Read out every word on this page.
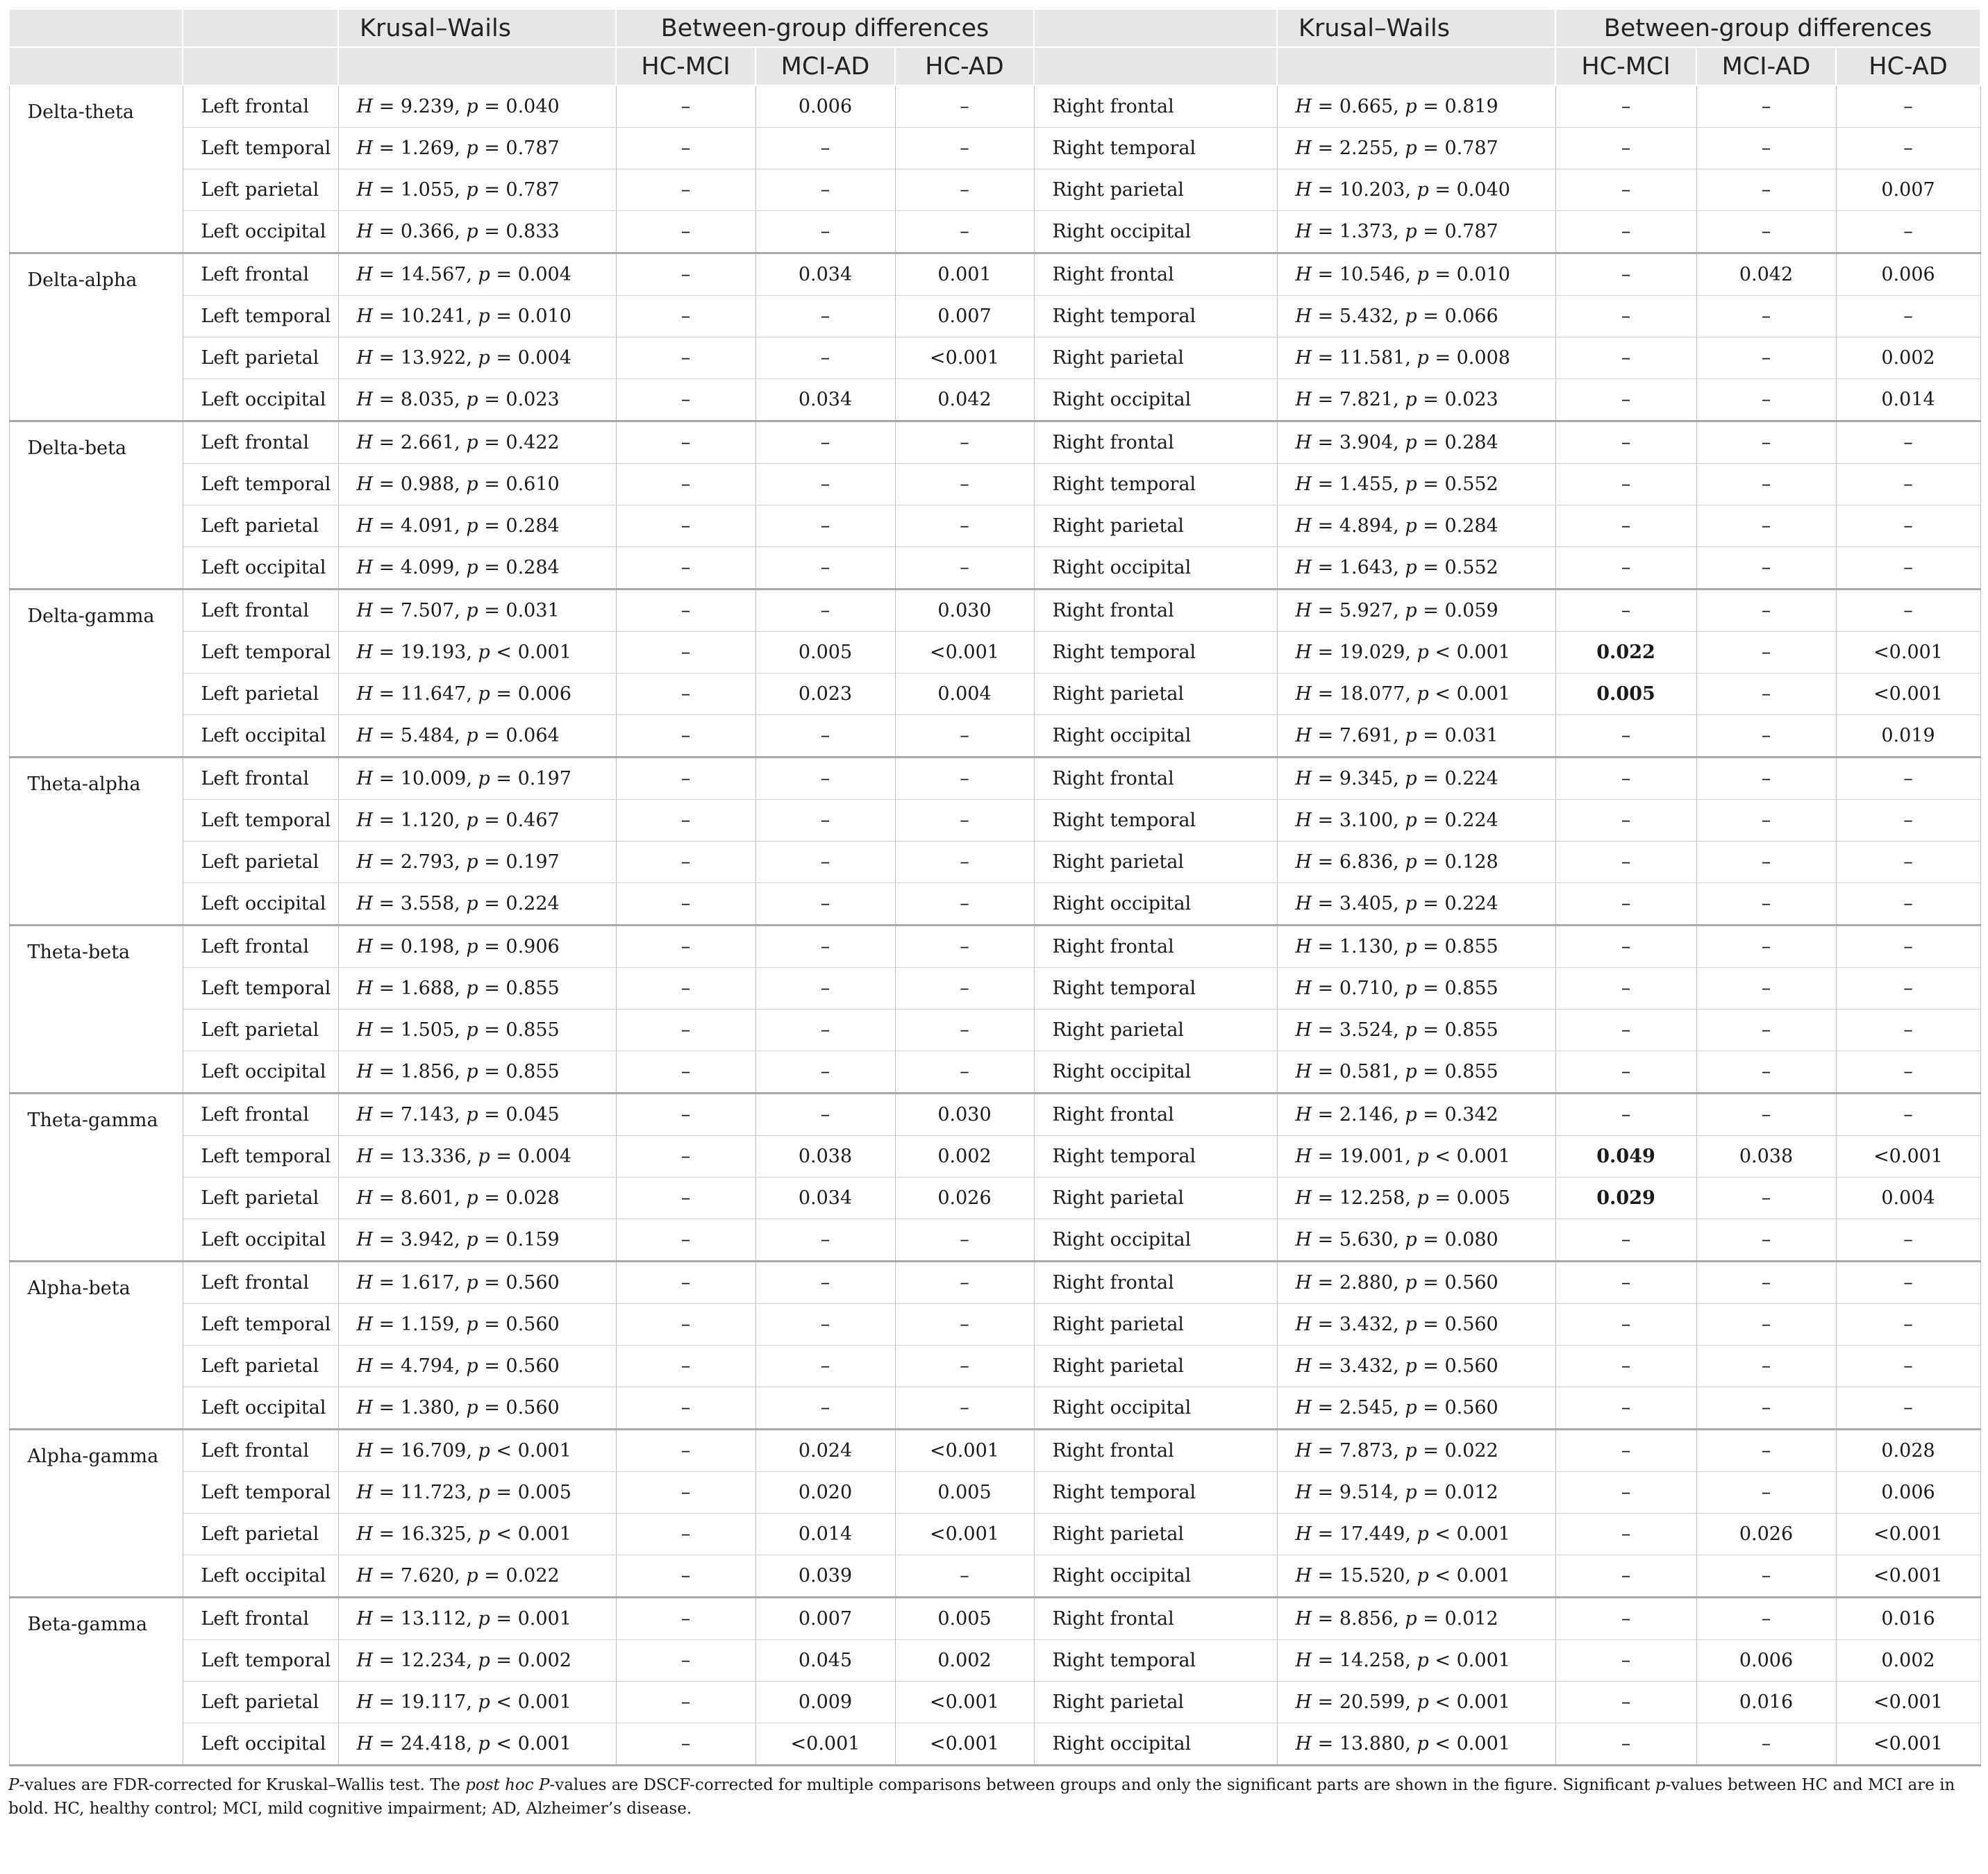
		Krusal–Wails	Between-group differences				Krusal–Wails	Between-group differences		
			HC-MCI	MCI-AD	HC-AD			HC-MCI	MCI-AD	HC-AD
Delta-theta	Left frontal	H = 9.239, p = 0.040	–	0.006	–	Right frontal	H = 0.665, p = 0.819	–	–	–
	Left temporal	H = 1.269, p = 0.787	–	–	–	Right temporal	H = 2.255, p = 0.787	–	–	–
	Left parietal	H = 1.055, p = 0.787	–	–	–	Right parietal	H = 10.203, p = 0.040	–	–	0.007
	Left occipital	H = 0.366, p = 0.833	–	–	–	Right occipital	H = 1.373, p = 0.787	–	–	–
Delta-alpha	Left frontal	H = 14.567, p = 0.004	–	0.034	0.001	Right frontal	H = 10.546, p = 0.010	–	0.042	0.006
	Left temporal	H = 10.241, p = 0.010	–	–	0.007	Right temporal	H = 5.432, p = 0.066	–	–	–
	Left parietal	H = 13.922, p = 0.004	–	–	<0.001	Right parietal	H = 11.581, p = 0.008	–	–	0.002
	Left occipital	H = 8.035, p = 0.023	–	0.034	0.042	Right occipital	H = 7.821, p = 0.023	–	–	0.014
Delta-beta	Left frontal	H = 2.661, p = 0.422	–	–	–	Right frontal	H = 3.904, p = 0.284	–	–	–
	Left temporal	H = 0.988, p = 0.610	–	–	–	Right temporal	H = 1.455, p = 0.552	–	–	–
	Left parietal	H = 4.091, p = 0.284	–	–	–	Right parietal	H = 4.894, p = 0.284	–	–	–
	Left occipital	H = 4.099, p = 0.284	–	–	–	Right occipital	H = 1.643, p = 0.552	–	–	–
Delta-gamma	Left frontal	H = 7.507, p = 0.031	–	–	0.030	Right frontal	H = 5.927, p = 0.059	–	–	–
	Left temporal	H = 19.193, p < 0.001	–	0.005	<0.001	Right temporal	H = 19.029, p < 0.001	0.022	–	<0.001
	Left parietal	H = 11.647, p = 0.006	–	0.023	0.004	Right parietal	H = 18.077, p < 0.001	0.005	–	<0.001
	Left occipital	H = 5.484, p = 0.064	–	–	–	Right occipital	H = 7.691, p = 0.031	–	–	0.019
Theta-alpha	Left frontal	H = 10.009, p = 0.197	–	–	–	Right frontal	H = 9.345, p = 0.224	–	–	–
	Left temporal	H = 1.120, p = 0.467	–	–	–	Right temporal	H = 3.100, p = 0.224	–	–	–
	Left parietal	H = 2.793, p = 0.197	–	–	–	Right parietal	H = 6.836, p = 0.128	–	–	–
	Left occipital	H = 3.558, p = 0.224	–	–	–	Right occipital	H = 3.405, p = 0.224	–	–	–
Theta-beta	Left frontal	H = 0.198, p = 0.906	–	–	–	Right frontal	H = 1.130, p = 0.855	–	–	–
	Left temporal	H = 1.688, p = 0.855	–	–	–	Right temporal	H = 0.710, p = 0.855	–	–	–
	Left parietal	H = 1.505, p = 0.855	–	–	–	Right parietal	H = 3.524, p = 0.855	–	–	–
	Left occipital	H = 1.856, p = 0.855	–	–	–	Right occipital	H = 0.581, p = 0.855	–	–	–
Theta-gamma	Left frontal	H = 7.143, p = 0.045	–	–	0.030	Right frontal	H = 2.146, p = 0.342	–	–	–
	Left temporal	H = 13.336, p = 0.004	–	0.038	0.002	Right temporal	H = 19.001, p < 0.001	0.049	0.038	<0.001
	Left parietal	H = 8.601, p = 0.028	–	0.034	0.026	Right parietal	H = 12.258, p = 0.005	0.029	–	0.004
	Left occipital	H = 3.942, p = 0.159	–	–	–	Right occipital	H = 5.630, p = 0.080	–	–	–
Alpha-beta	Left frontal	H = 1.617, p = 0.560	–	–	–	Right frontal	H = 2.880, p = 0.560	–	–	–
	Left temporal	H = 1.159, p = 0.560	–	–	–	Right parietal	H = 3.432, p = 0.560	–	–	–
	Left parietal	H = 4.794, p = 0.560	–	–	–	Right parietal	H = 3.432, p = 0.560	–	–	–
	Left occipital	H = 1.380, p = 0.560	–	–	–	Right occipital	H = 2.545, p = 0.560	–	–	–
Alpha-gamma	Left frontal	H = 16.709, p < 0.001	–	0.024	<0.001	Right frontal	H = 7.873, p = 0.022	–	–	0.028
	Left temporal	H = 11.723, p = 0.005	–	0.020	0.005	Right temporal	H = 9.514, p = 0.012	–	–	0.006
	Left parietal	H = 16.325, p < 0.001	–	0.014	<0.001	Right parietal	H = 17.449, p < 0.001	–	0.026	<0.001
	Left occipital	H = 7.620, p = 0.022	–	0.039	–	Right occipital	H = 15.520, p < 0.001	–	–	<0.001
Beta-gamma	Left frontal	H = 13.112, p = 0.001	–	0.007	0.005	Right frontal	H = 8.856, p = 0.012	–	–	0.016
	Left temporal	H = 12.234, p = 0.002	–	0.045	0.002	Right temporal	H = 14.258, p < 0.001	–	0.006	0.002
	Left parietal	H = 19.117, p < 0.001	–	0.009	<0.001	Right parietal	H = 20.599, p < 0.001	–	0.016	<0.001
	Left occipital	H = 24.418, p < 0.001	–	<0.001	<0.001	Right occipital	H = 13.880, p < 0.001	–	–	<0.001
P-values are FDR-corrected for Kruskal–Wallis test. The post hoc P-values are DSCF-corrected for multiple comparisons between groups and only the significant parts are shown in the figure. Significant p-values between HC and MCI are in bold. HC, healthy control; MCI, mild cognitive impairment; AD, Alzheimer’s disease.
